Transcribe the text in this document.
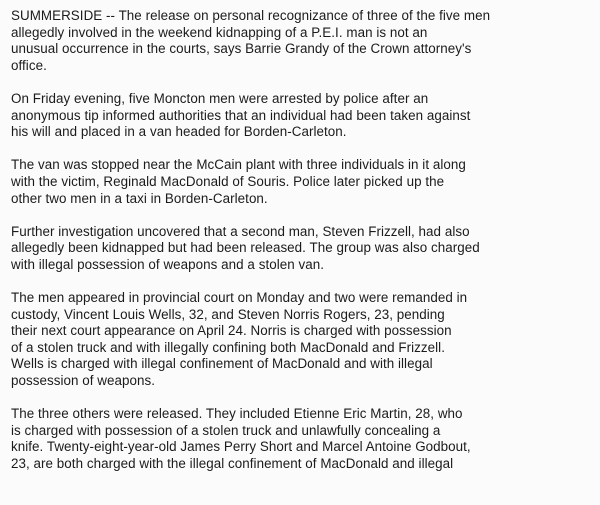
SUMMERSIDE -- The release on personal recognizance of three of the five men
allegedly involved in the weekend kidnapping of a P.E.I. man is not an
unusual occurrence in the courts, says Barrie Grandy of the Crown attorney's
office.

On Friday evening, five Moncton men were arrested by police after an
anonymous tip informed authorities that an individual had been taken against
his will and placed in a van headed for Borden-Carleton.

The van was stopped near the McCain plant with three individuals in it along
with the victim, Reginald MacDonald of Souris. Police later picked up the
other two men in a taxi in Borden-Carleton.

Further investigation uncovered that a second man, Steven Frizzell, had also
allegedly been kidnapped but had been released. The group was also charged
with illegal possession of weapons and a stolen van.

The men appeared in provincial court on Monday and two were remanded in
custody, Vincent Louis Wells, 32, and Steven Norris Rogers, 23, pending
their next court appearance on April 24. Norris is charged with possession
of a stolen truck and with illegally confining both MacDonald and Frizzell.
Wells is charged with illegal confinement of MacDonald and with illegal
possession of weapons.

The three others were released. They included Etienne Eric Martin, 28, who
is charged with possession of a stolen truck and unlawfully concealing a
knife. Twenty-eight-year-old James Perry Short and Marcel Antoine Godbout,
23, are both charged with the illegal confinement of MacDonald and illegal
